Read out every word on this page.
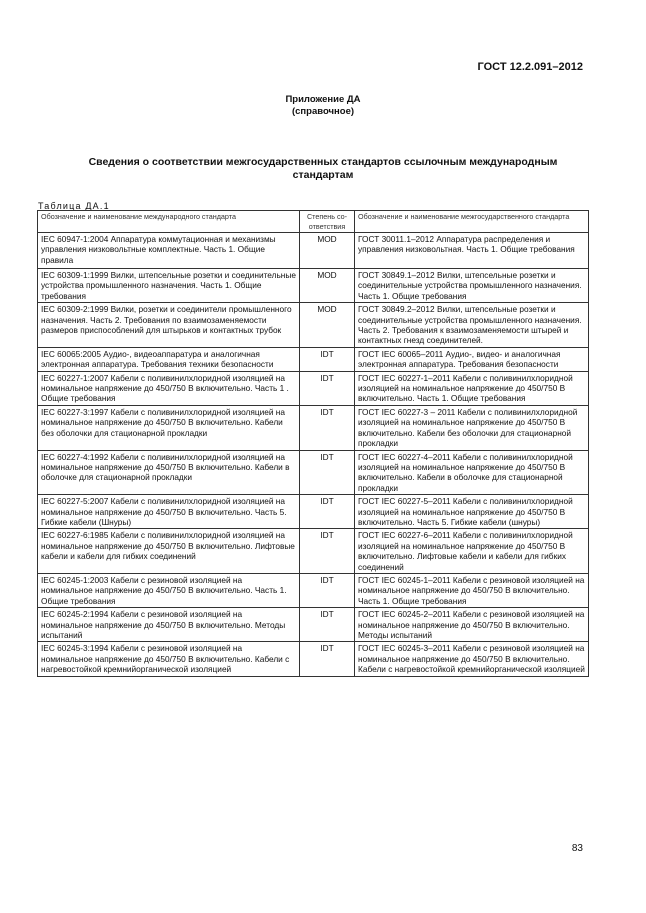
ГОСТ 12.2.091–2012
Приложение ДА
(справочное)
Сведения о соответствии межгосударственных стандартов ссылочным международным стандартам
Таблица ДА.1
Обозначение и наименование международного стандарта	Степень со-ответствия	Обозначение и наименование межгосударственного стандарта
IEC 60947-1:2004 Аппаратура коммутационная и механизмы управления низковольтные комплектные. Часть 1. Общие правила	MOD	ГОСТ 30011.1–2012 Аппаратура распределения и управления низковольтная. Часть 1. Общие требования
IEC 60309-1:1999 Вилки, штепсельные розетки и соединительные устройства промышленного назначения. Часть 1. Общие требования	MOD	ГОСТ 30849.1–2012 Вилки, штепсельные розетки и соединительные устройства промышленного назначения. Часть 1. Общие требования
IEC 60309-2:1999 Вилки, розетки и соединители промышленного назначения. Часть 2. Требования по взаимозаменяемости размеров приспособлений для штырьков и контактных трубок	MOD	ГОСТ 30849.2–2012 Вилки, штепсельные розетки и соединительные устройства промышленного назначения. Часть 2. Требования к взаимозаменяемости штырей и контактных гнезд соединителей.
IEC 60065:2005 Аудио-, видеоаппаратура и аналогичная электронная аппаратура. Требования техники безопасности	IDT	ГОСТ IEC 60065–2011 Аудио-, видео- и аналогичная электронная аппаратура. Требования безопасности
IEC 60227-1:2007 Кабели с поливинилхлоридной изоляцией на номинальное напряжение до 450/750 В включительно. Часть 1 . Общие требования	IDT	ГОСТ IEC 60227-1–2011 Кабели с поливинилхлоридной изоляцией на номинальное напряжение до 450/750 В включительно. Часть 1. Общие требования
IEC 60227-3:1997 Кабели с поливинилхлоридной изоляцией на номинальное напряжение до 450/750 В включительно. Кабели без оболочки для стационарной прокладки	IDT	ГОСТ IEC 60227-3 – 2011 Кабели с поливинилхлоридной изоляцией на номинальное напряжение до 450/750 В включительно. Кабели без оболочки для стационарной прокладки
IEC 60227-4:1992 Кабели с поливинилхлоридной изоляцией на номинальное напряжение до 450/750 В включительно. Кабели в оболочке для стационарной прокладки	IDT	ГОСТ IEC 60227-4–2011 Кабели с поливинилхлоридной изоляцией на номинальное напряжение до 450/750 В включительно. Кабели в оболочке для стационарной прокладки
IEC 60227-5:2007 Кабели с поливинилхлоридной изоляцией на номинальное напряжение до 450/750 В включительно. Часть 5. Гибкие кабели (Шнуры)	IDT	ГОСТ IEC 60227-5–2011 Кабели с поливинилхлоридной изоляцией на номинальное напряжение до 450/750 В включительно. Часть 5. Гибкие кабели (шнуры)
IEC 60227-6:1985 Кабели с поливинилхлоридной изоляцией на номинальное напряжение до 450/750 В включительно. Лифтовые кабели и кабели для гибких соединений	IDT	ГОСТ IEC 60227-6–2011 Кабели с поливинилхлоридной изоляцией на номинальное напряжение до 450/750 В включительно. Лифтовые кабели и кабели для гибких соединений
IEC 60245-1:2003 Кабели с резиновой изоляцией на номинальное напряжение до 450/750 В включительно. Часть 1. Общие требования	IDT	ГОСТ IEC 60245-1–2011 Кабели с резиновой изоляцией на номинальное напряжение до 450/750 В включительно. Часть 1. Общие требования
IEC 60245-2:1994 Кабели с резиновой изоляцией на номинальное напряжение до 450/750 В включительно. Методы испытаний	IDT	ГОСТ IEC 60245-2–2011 Кабели с резиновой изоляцией на номинальное напряжение до 450/750 В включительно. Методы испытаний
IEC 60245-3:1994 Кабели с резиновой изоляцией на номинальное напряжение до 450/750 В включительно. Кабели с нагревостойкой кремнийорганической изоляцией	IDT	ГОСТ IEC 60245-3–2011 Кабели с резиновой изоляцией на номинальное напряжение до 450/750 В включительно. Кабели с нагревостойкой кремнийорганической изоляцией
83
